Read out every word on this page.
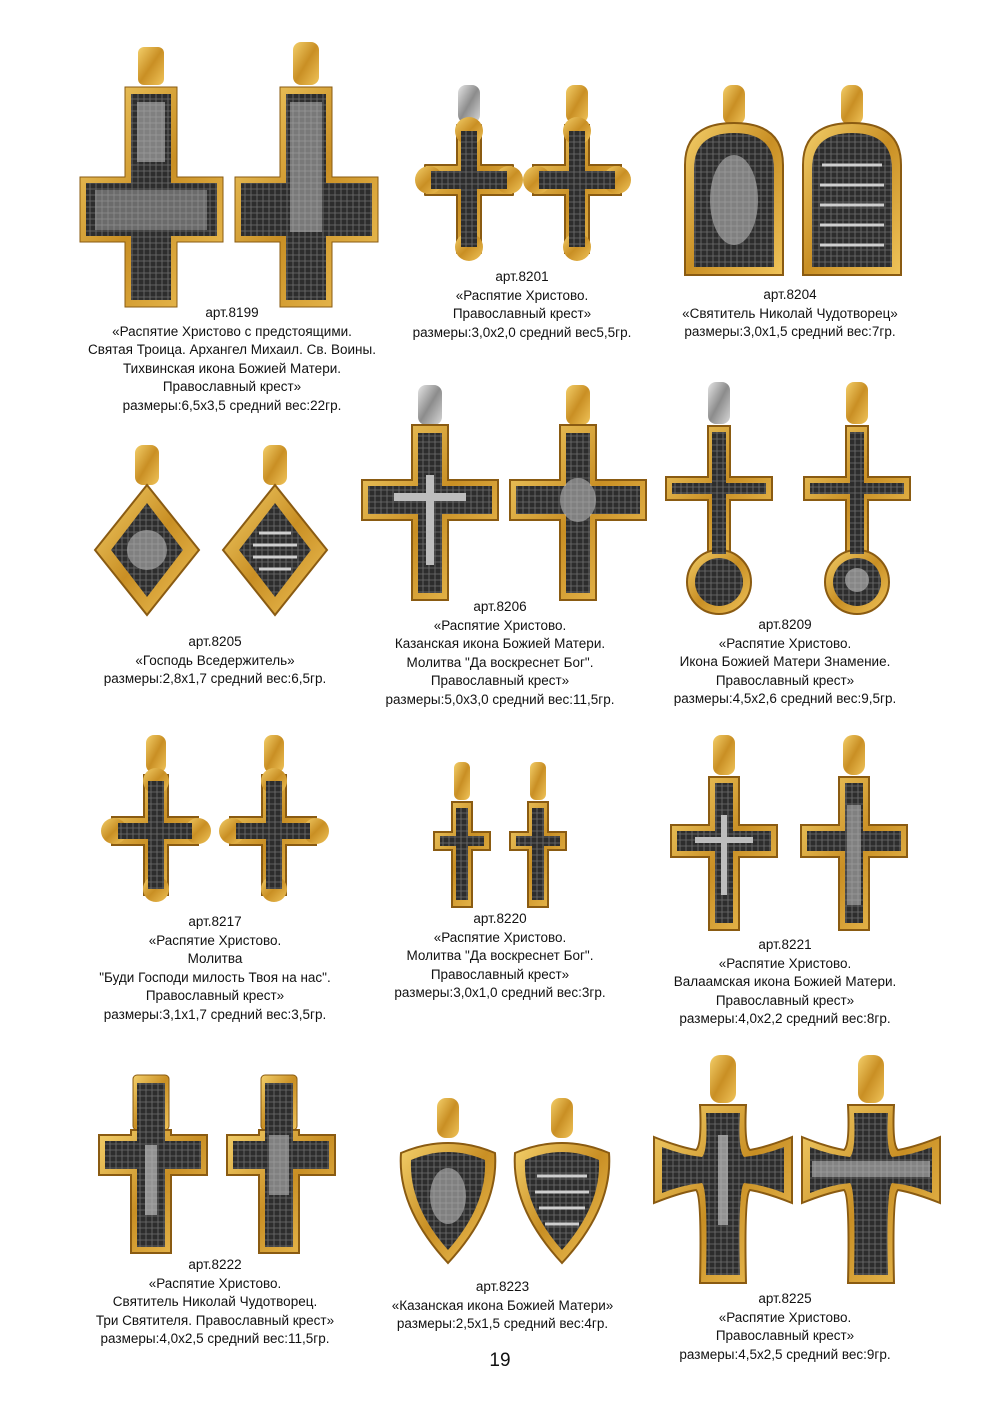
арт.8199
«Распятие Христово с предстоящими.
Святая Троица. Архангел Михаил. Св. Воины.
Тихвинская икона Божией Матери.
Православный крест»
размеры:6,5х3,5 средний вес:22гр.
арт.8201
«Распятие Христово.
Православный крест»
размеры:3,0х2,0 средний вес5,5гр.
арт.8204
«Святитель Николай Чудотворец»
размеры:3,0х1,5 средний вес:7гр.
арт.8205
«Господь Вседержитель»
размеры:2,8х1,7 средний вес:6,5гр.
арт.8206
«Распятие Христово.
Казанская икона Божией Матери.
Молитва "Да воскреснет Бог".
Православный крест»
размеры:5,0х3,0 средний вес:11,5гр.
арт.8209
«Распятие Христово.
Икона Божией Матери Знамение.
Православный крест»
размеры:4,5х2,6 средний вес:9,5гр.
арт.8217
«Распятие Христово.
Молитва
"Буди Господи милость Твоя на нас".
Православный крест»
размеры:3,1х1,7 средний вес:3,5гр.
арт.8220
«Распятие Христово.
Молитва "Да воскреснет Бог".
Православный крест»
размеры:3,0х1,0 средний вес:3гр.
арт.8221
«Распятие Христово.
Валаамская икона Божией Матери.
Православный крест»
размеры:4,0х2,2 средний вес:8гр.
арт.8222
«Распятие Христово.
Святитель Николай Чудотворец.
Три Святителя. Православный крест»
размеры:4,0х2,5 средний вес:11,5гр.
арт.8223
«Казанская икона Божией Матери»
размеры:2,5х1,5 средний вес:4гр.
арт.8225
«Распятие Христово.
Православный крест»
размеры:4,5х2,5 средний вес:9гр.
19
